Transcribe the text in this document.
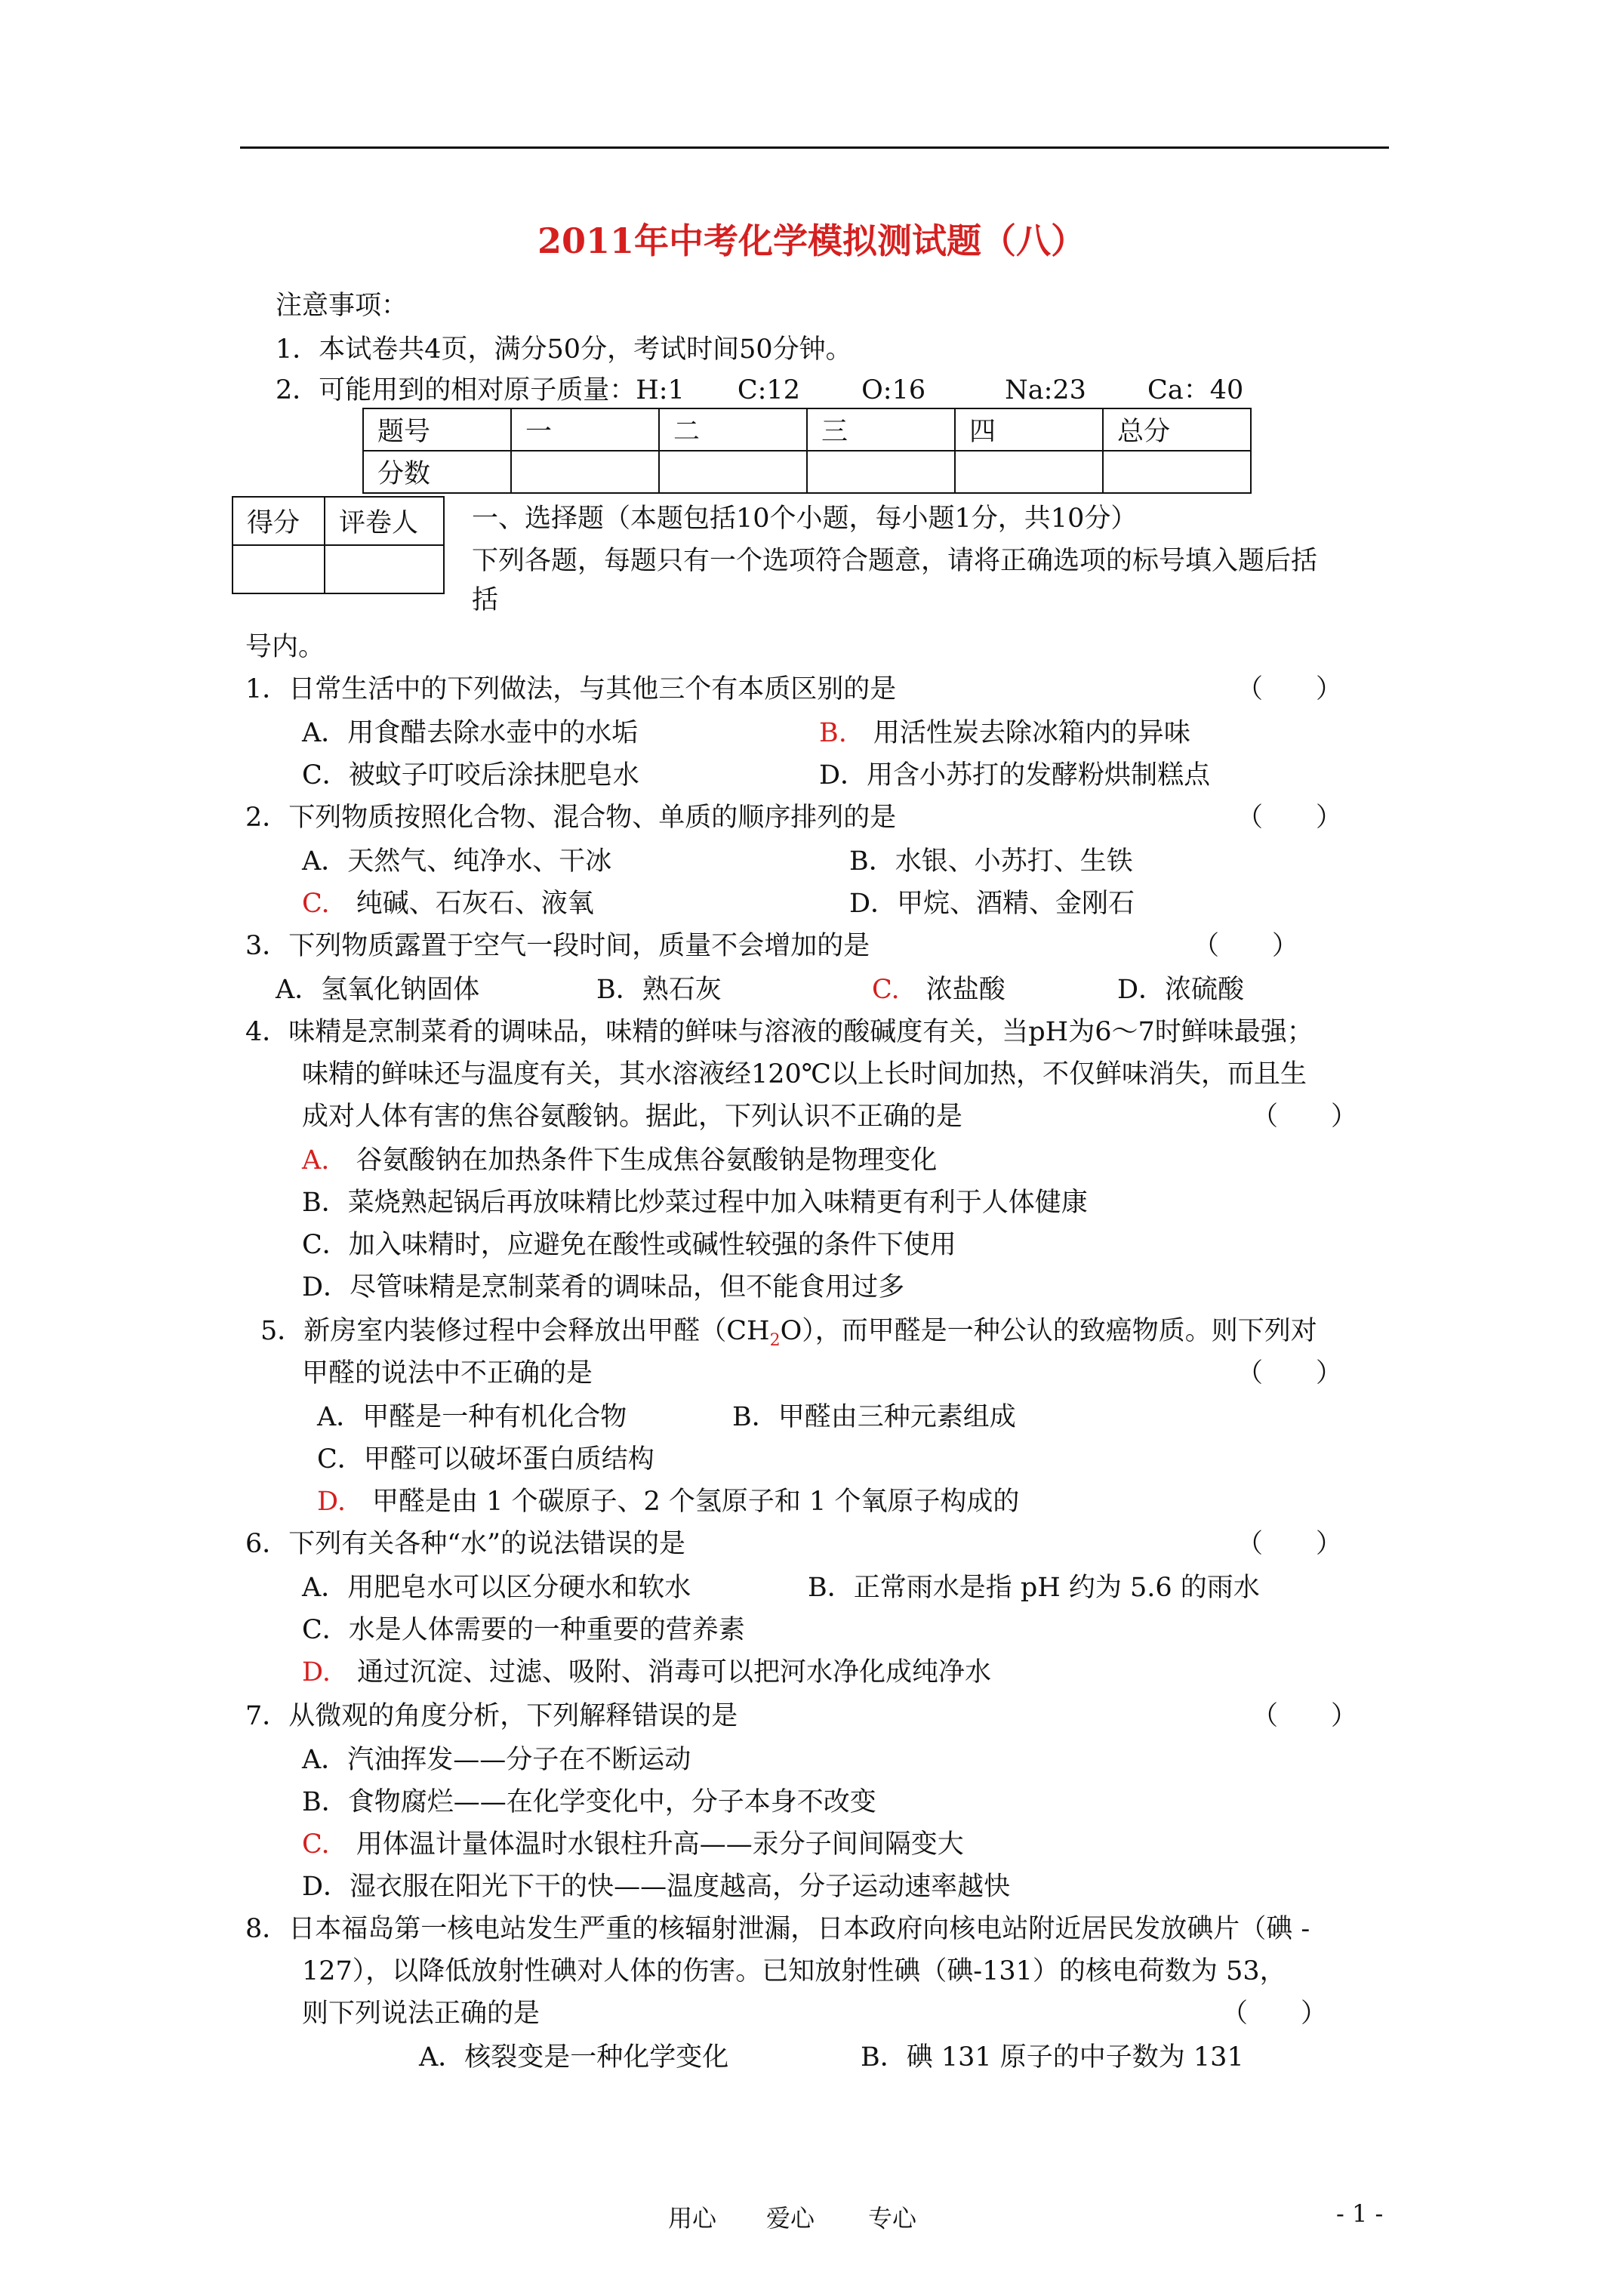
2011年中考化学模拟测试题（八）
注意事项：
1．本试卷共4页，满分50分，考试时间50分钟。
2．可能用到的相对原子质量：H:1　　C:12　　 O:16　　　Na:23　　 Ca：40
题号	一	二	三	四	总分
分数					
得分	评卷人
	一、选择题（本题包括10个小题，每小题1分，共10分）
下列各题，每题只有一个选项符合题意，请将正确选项的标号填入题后括
括
号内。
1．日常生活中的下列做法，与其他三个有本质区别的是	（　　）
A．用食醋去除水壶中的水垢	B.　 用活性炭去除冰箱内的异味
C．被蚊子叮咬后涂抹肥皂水	D．用含小苏打的发酵粉烘制糕点
2．下列物质按照化合物、混合物、单质的顺序排列的是	（　　）
A．天然气、纯净水、干冰	B．水银、小苏打、生铁
C.　 纯碱、石灰石、液氧	D．甲烷、酒精、金刚石
3．下列物质露置于空气一段时间，质量不会增加的是	（　　）
A．氢氧化钠固体	B．熟石灰	C.　 浓盐酸	D．浓硫酸
4．味精是烹制菜肴的调味品，味精的鲜味与溶液的酸碱度有关，当pH为6～7时鲜味最强；
味精的鲜味还与温度有关，其水溶液经120℃以上长时间加热，不仅鲜味消失，而且生
成对人体有害的焦谷氨酸钠。据此，下列认识不正确的是	（　　）
A.　 谷氨酸钠在加热条件下生成焦谷氨酸钠是物理变化
B．菜烧熟起锅后再放味精比炒菜过程中加入味精更有利于人体健康
C．加入味精时，应避免在酸性或碱性较强的条件下使用
D．尽管味精是烹制菜肴的调味品，但不能食用过多
5．新房室内装修过程中会释放出甲醛$(CH_2O)$，而甲醛是一种公认的致癌物质。则下列对
甲醛的说法中不正确的是	（　　）
A．甲醛是一种有机化合物	B．甲醛由三种元素组成
C．甲醛可以破坏蛋白质结构
D.　 甲醛是由 1 个碳原子、2 个氢原子和 1 个氧原子构成的
6．下列有关各种“水”的说法错误的是	（　　）
A．用肥皂水可以区分硬水和软水	B．正常雨水是指 pH 约为 5.6 的雨水
C．水是人体需要的一种重要的营养素
D.　 通过沉淀、过滤、吸附、消毒可以把河水净化成纯净水
7．从微观的角度分析，下列解释错误的是	（　　）
A．汽油挥发——分子在不断运动
B．食物腐烂——在化学变化中，分子本身不改变
C.　 用体温计量体温时水银柱升高——汞分子间间隔变大
D．湿衣服在阳光下干的快——温度越高，分子运动速率越快
8．日本福岛第一核电站发生严重的核辐射泄漏，日本政府向核电站附近居民发放碘片（碘 -
127），以降低放射性碘对人体的伤害。已知放射性碘（碘-131）的核电荷数为 53，
则下列说法正确的是	（　　）
A．核裂变是一种化学变化	B．碘 131 原子的中子数为 131
用心 爱心 专心	- 1 -
